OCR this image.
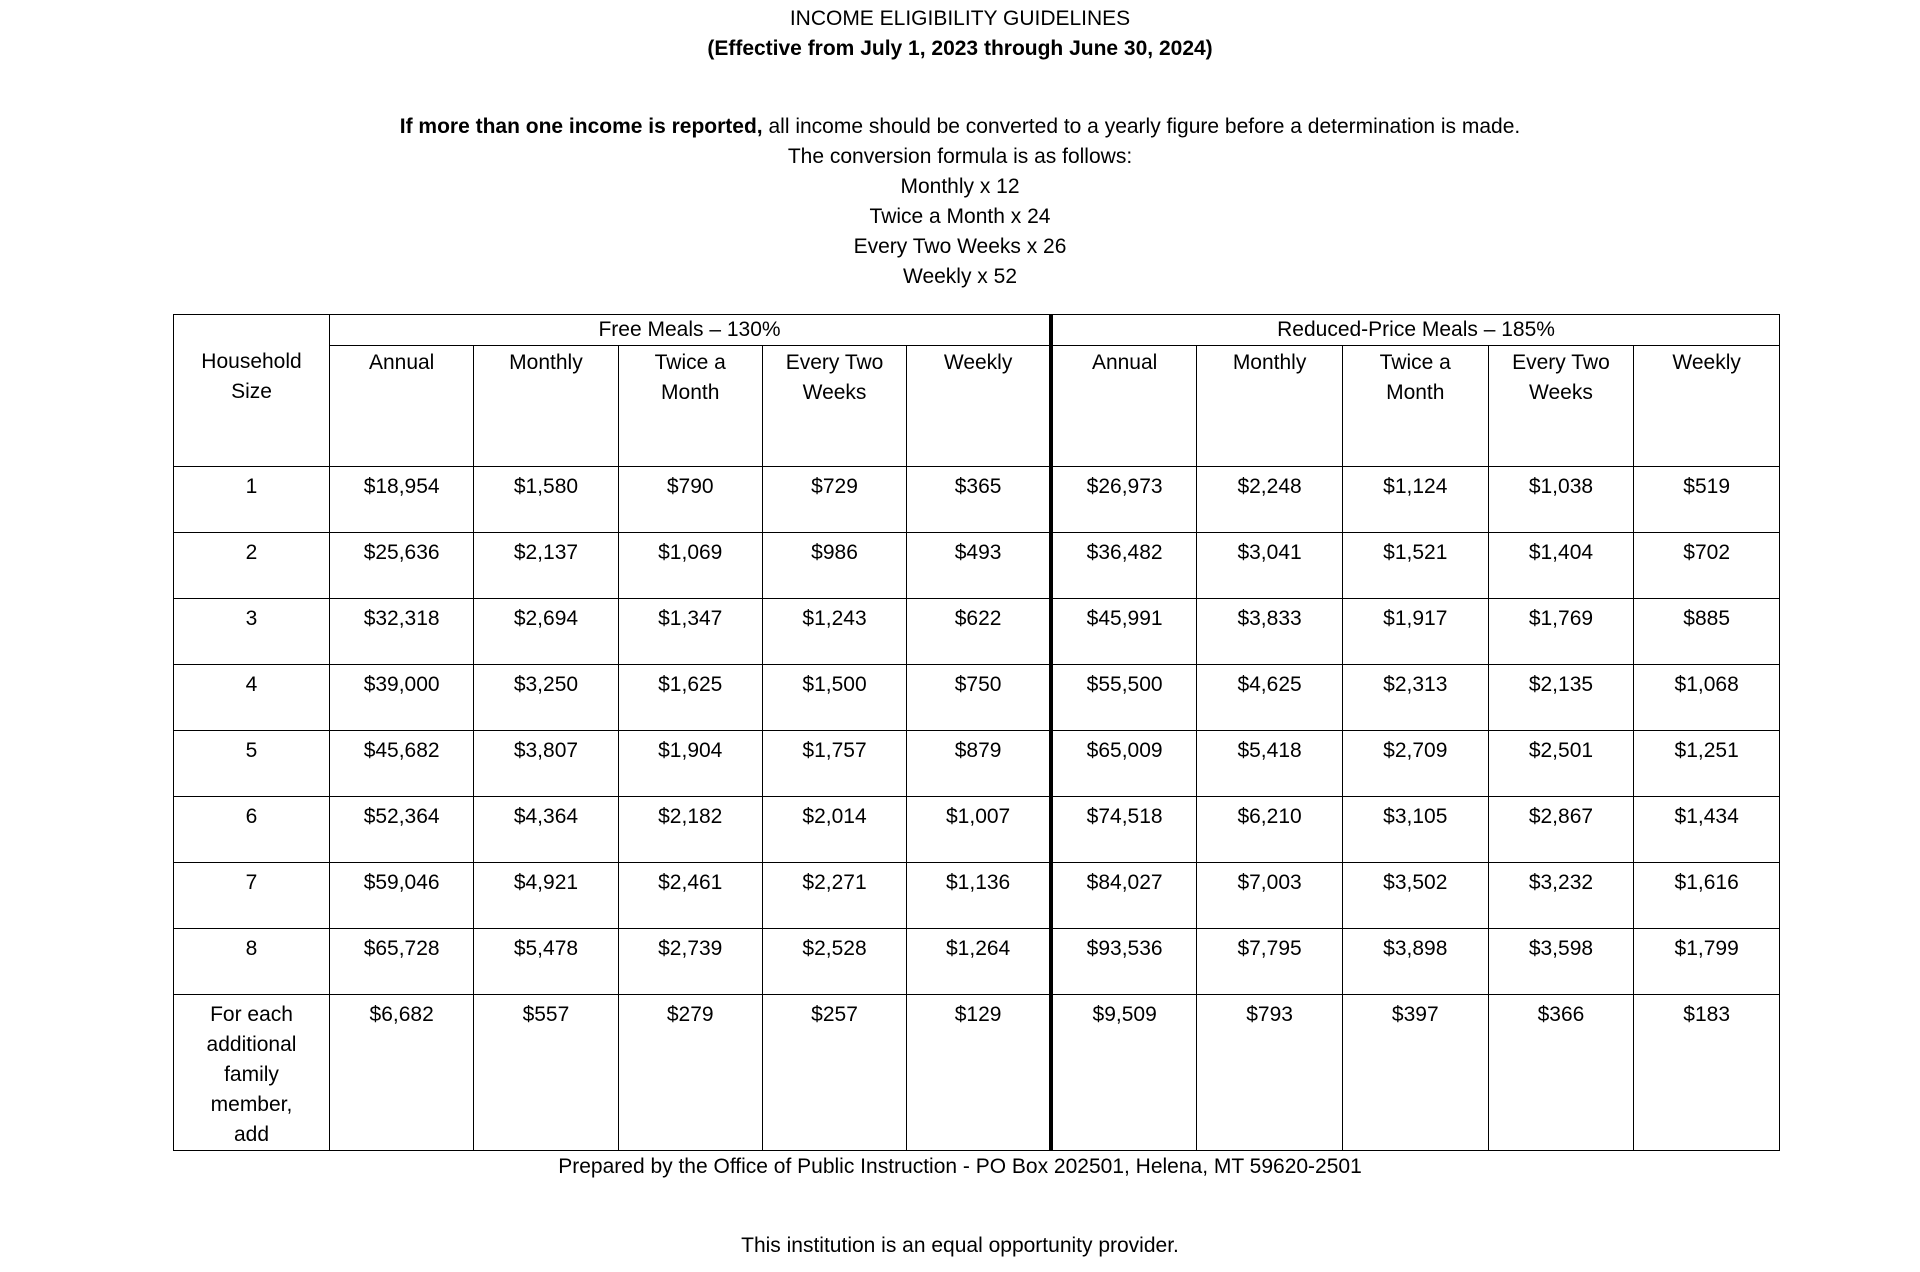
INCOME ELIGIBILITY GUIDELINES
(Effective from July 1, 2023 through June 30, 2024)
If more than one income is reported, all income should be converted to a yearly figure before a determination is made.
The conversion formula is as follows:
Monthly x 12
Twice a Month x 24
Every Two Weeks x 26
Weekly x 52
Household Size	Free Meals – 130%					Reduced-Price Meals – 185%				
	Annual	Monthly	Twice a Month	Every Two Weeks	Weekly	Annual	Monthly	Twice a Month	Every Two Weeks	Weekly
1	$18,954	$1,580	$790	$729	$365	$26,973	$2,248	$1,124	$1,038	$519
2	$25,636	$2,137	$1,069	$986	$493	$36,482	$3,041	$1,521	$1,404	$702
3	$32,318	$2,694	$1,347	$1,243	$622	$45,991	$3,833	$1,917	$1,769	$885
4	$39,000	$3,250	$1,625	$1,500	$750	$55,500	$4,625	$2,313	$2,135	$1,068
5	$45,682	$3,807	$1,904	$1,757	$879	$65,009	$5,418	$2,709	$2,501	$1,251
6	$52,364	$4,364	$2,182	$2,014	$1,007	$74,518	$6,210	$3,105	$2,867	$1,434
7	$59,046	$4,921	$2,461	$2,271	$1,136	$84,027	$7,003	$3,502	$3,232	$1,616
8	$65,728	$5,478	$2,739	$2,528	$1,264	$93,536	$7,795	$3,898	$3,598	$1,799
For each additional family member, add	$6,682	$557	$279	$257	$129	$9,509	$793	$397	$366	$183
Prepared by the Office of Public Instruction - PO Box 202501, Helena, MT 59620-2501
This institution is an equal opportunity provider.
